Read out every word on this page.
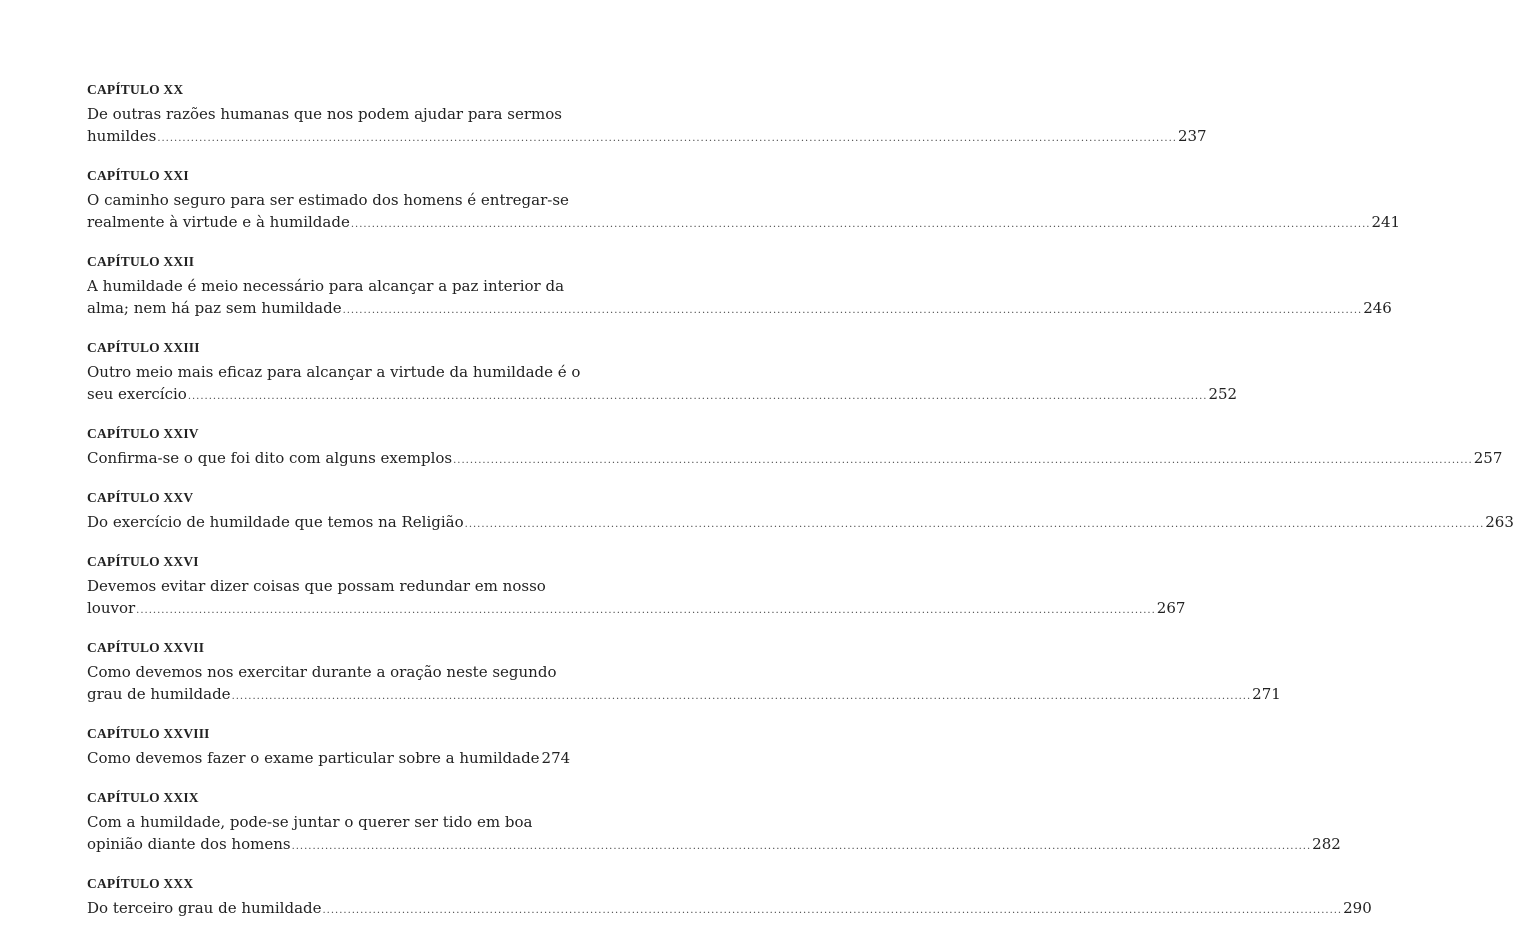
CAPÍTULO XX
De outras razões humanas que nos podem ajudar para sermos
humildes .....	237
CAPÍTULO XXI
O caminho seguro para ser estimado dos homens é entregar-se
realmente à virtude e à humildade .....	241
CAPÍTULO XXII
A humildade é meio necessário para alcançar a paz interior da
alma; nem há paz sem humildade .....	246
CAPÍTULO XXIII
Outro meio mais eficaz para alcançar a virtude da humildade é o
seu exercício .....	252
CAPÍTULO XXIV
Confirma-se o que foi dito com alguns exemplos .....	257
CAPÍTULO XXV
Do exercício de humildade que temos na Religião .....	263
CAPÍTULO XXVI
Devemos evitar dizer coisas que possam redundar em nosso
louvor .....	267
CAPÍTULO XXVII
Como devemos nos exercitar durante a oração neste segundo
grau de humildade .....	271
CAPÍTULO XXVIII
Como devemos fazer o exame particular sobre a humildade 274
CAPÍTULO XXIX
Com a humildade, pode-se juntar o querer ser tido em boa
opinião diante dos homens .....	282
CAPÍTULO XXX
Do terceiro grau de humildade .....	290
